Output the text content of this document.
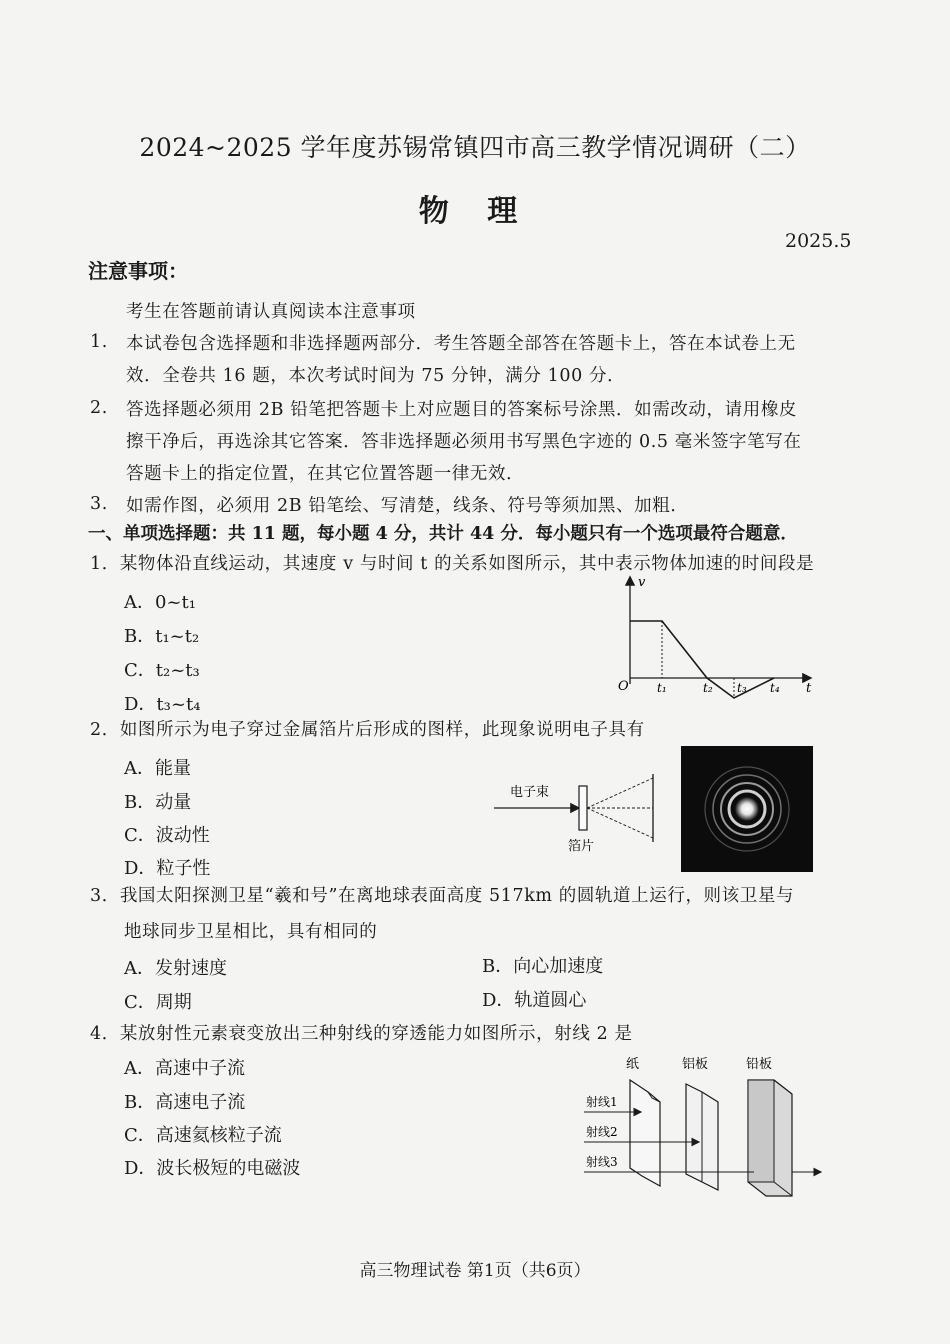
2024~2025 学年度苏锡常镇四市高三教学情况调研（二）
物 理
2025.5
注意事项：
考生在答题前请认真阅读本注意事项
1. 本试卷包含选择题和非选择题两部分．考生答题全部答在答题卡上，答在本试卷上无
效．全卷共 16 题，本次考试时间为 75 分钟，满分 100 分．
2. 答选择题必须用 2B 铅笔把答题卡上对应题目的答案标号涂黑．如需改动，请用橡皮
擦干净后，再选涂其它答案．答非选择题必须用书写黑色字迹的 0.5 毫米签字笔写在
答题卡上的指定位置，在其它位置答题一律无效．
3. 如需作图，必须用 2B 铅笔绘、写清楚，线条、符号等须加黑、加粗．
一、单项选择题：共 11 题，每小题 4 分，共计 44 分．每小题只有一个选项最符合题意．
1．某物体沿直线运动，其速度 v 与时间 t 的关系如图所示，其中表示物体加速的时间段是
A．0~t₁
B．t₁~t₂
C．t₂~t₃
D．t₃~t₄
v
t
O t₁	t₂ t₃ t₄
2．如图所示为电子穿过金属箔片后形成的图样，此现象说明电子具有
A．能量
B．动量
C．波动性
D．粒子性
电子束
箔片
3．我国太阳探测卫星“羲和号”在离地球表面高度 517km 的圆轨道上运行，则该卫星与
地球同步卫星相比，具有相同的
A．发射速度	B．向心加速度
C．周期	D．轨道圆心
4．某放射性元素衰变放出三种射线的穿透能力如图所示，射线 2 是
A．高速中子流
B．高速电子流
C．高速氦核粒子流
D．波长极短的电磁波
纸	铝板	铅板
射线1
射线2
射线3
高三物理试卷 第1页（共6页）
